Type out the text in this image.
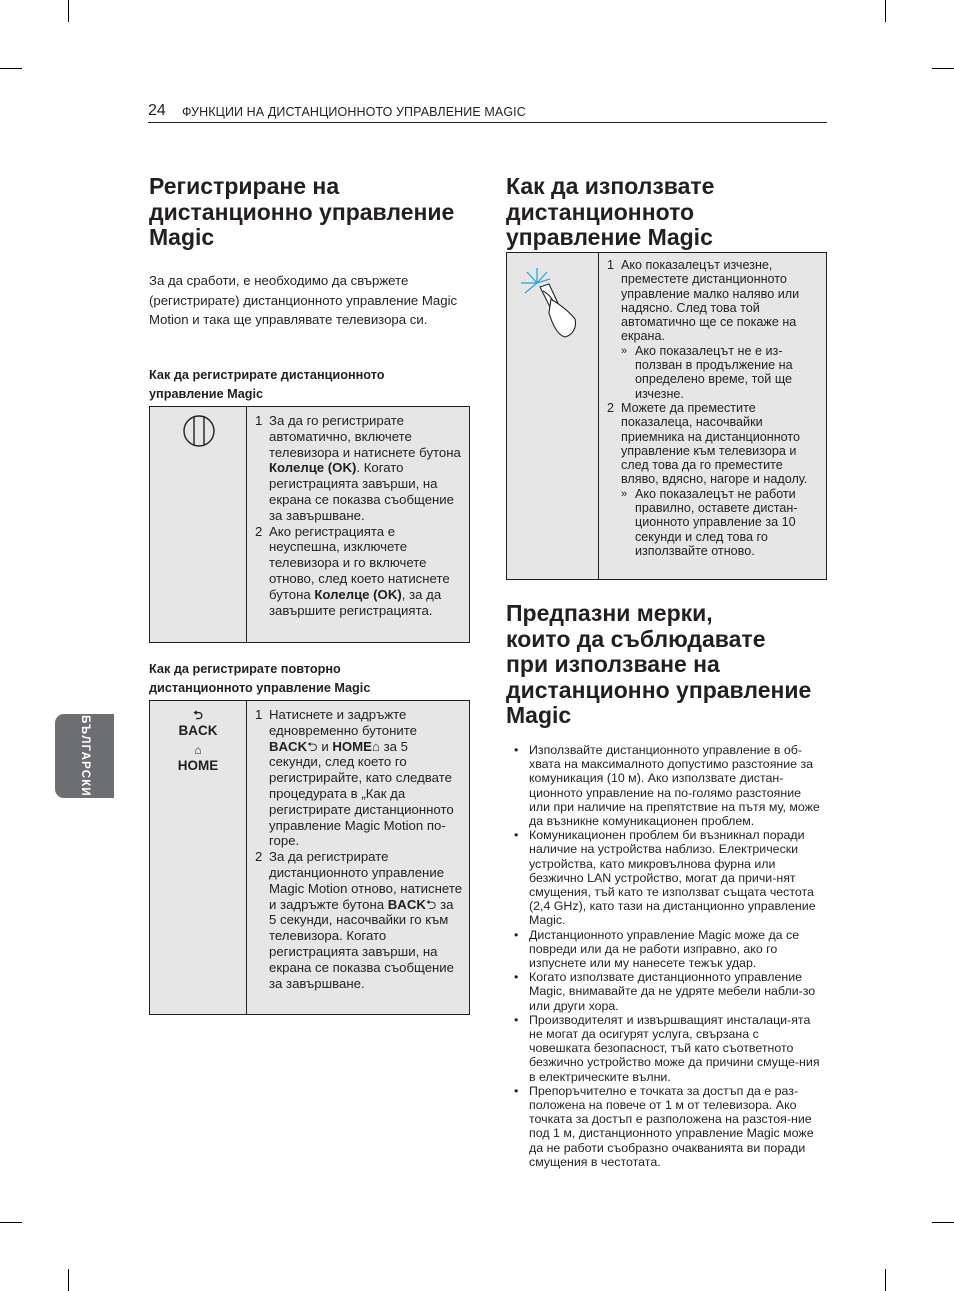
24 ФУНКЦИИ НА ДИСТАНЦИОННОТО УПРАВЛЕНИЕ MAGIC
БЪЛГАРСКИ
Регистриране на
дистанционно управление
Magic
За да сработи, е необходимо да свържете (регистрирате) дистанционното управление Magic Motion и така ще управлявате телевизора си.
Как да регистрирате дистанционното
управление Magic

1 За да го регистрирате автоматично, включете телевизора и натиснете бутона Колелце (OK). Когато регистрацията завърши, на екрана се показва съобщение за завършване.
2 Ако регистрацията е неуспешна, изключете телевизора и го включете отново, след което натиснете бутона Колелце (OK), за да завършите регистрацията.
Как да регистрирате повторно
дистанционното управление Magic
⮌
BACK

⌂
HOME

1 Натиснете и задръжте едновременно бутоните BACK⮌ и HOME⌂ за 5 секунди, след което го регистрирайте, като следвате процедурата в „Как да регистрирате дистанционното управление Magic Motion по-горе.
2 За да регистрирате дистанционното управление Magic Motion отново, натиснете и задръжте бутона BACK⮌ за 5 секунди, насочвайки го към телевизора. Когато регистрацията завърши, на екрана се показва съобщение за завършване.
Как да използвате
дистанционното
управление Magic

1 Ако показалецът изчезне, преместете дистанционното управление малко наляво или надясно. След това той автоматично ще се покаже на екрана.
» Ако показалецът не е из-ползван в продължение на определено време, той ще изчезне.
2 Можете да преместите показалеца, насочвайки приемника на дистанционното управление към телевизора и след това да го преместите вляво, вдясно, нагоре и надолу.
» Ако показалецът не работи правилно, оставете дистан-ционното управление за 10 секунди и след това го използвайте отново.
Предпазни мерки,
които да съблюдавате
при използване на
дистанционно управление
Magic
• Използвайте дистанционното управление в об-хвата на максималното допустимо разстояние за комуникация (10 м). Ако използвате дистан-ционното управление на по-голямо разстояние или при наличие на препятствие на пътя му, може да възникне комуникационен проблем.
• Комуникационен проблем би възникнал поради наличие на устройства наблизо. Електрически устройства, като микровълнова фурна или безжично LAN устройство, могат да причи-нят смущения, тъй като те използват същата честота (2,4 GHz), като тази на дистанционно управление Magic.
• Дистанционното управление Magic може да се повреди или да не работи изправно, ако го изпуснете или му нанесете тежък удар.
• Когато използвате дистанционното управление Magic, внимавайте да не удряте мебели набли-зо или други хора.
• Производителят и извършващият инсталаци-ята не могат да осигурят услуга, свързана с човешката безопасност, тъй като съответното безжично устройство може да причини смуще-ния в електрическите вълни.
• Препоръчително е точката за достъп да е раз-положена на повече от 1 м от телевизора. Ако точката за достъп е разположена на разстоя-ние под 1 м, дистанционното управление Magic може да не работи съобразно очакванията ви поради смущения в честотата.
